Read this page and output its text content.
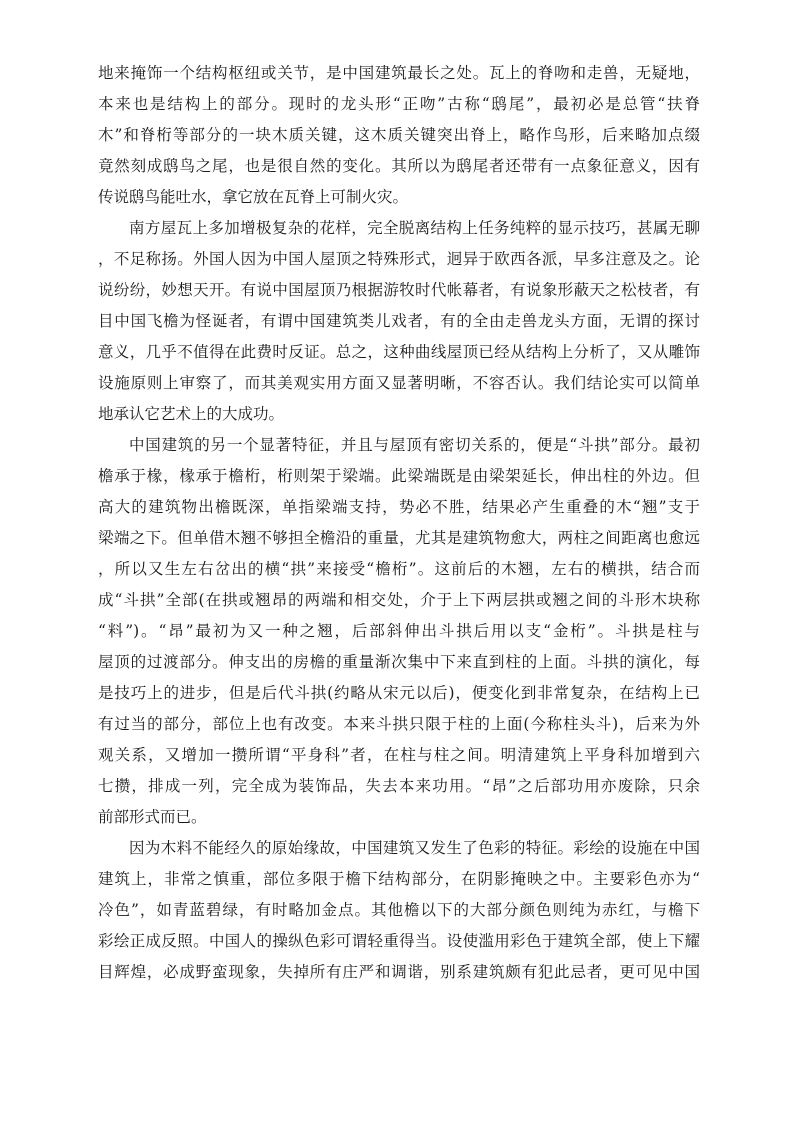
地来掩饰一个结构枢纽或关节，是中国建筑最长之处。瓦上的脊吻和走兽，无疑地，
本来也是结构上的部分。现时的龙头形“正吻”古称“鸱尾”，最初必是总管“扶脊
木”和脊桁等部分的一块木质关键，这木质关键突出脊上，略作鸟形，后来略加点缀
竟然刻成鸱鸟之尾，也是很自然的变化。其所以为鸱尾者还带有一点象征意义，因有
传说鸱鸟能吐水，拿它放在瓦脊上可制火灾。
南方屋瓦上多加增极复杂的花样，完全脱离结构上任务纯粹的显示技巧，甚属无聊
，不足称扬。外国人因为中国人屋顶之特殊形式，迥异于欧西各派，早多注意及之。论
说纷纷，妙想天开。有说中国屋顶乃根据游牧时代帐幕者，有说象形蔽天之松枝者，有
目中国飞檐为怪诞者，有谓中国建筑类儿戏者，有的全由走兽龙头方面，无谓的探讨
意义，几乎不值得在此费时反证。总之，这种曲线屋顶已经从结构上分析了，又从雕饰
设施原则上审察了，而其美观实用方面又显著明晰，不容否认。我们结论实可以简单
地承认它艺术上的大成功。
中国建筑的另一个显著特征，并且与屋顶有密切关系的，便是“斗拱”部分。最初
檐承于椽，椽承于檐桁，桁则架于梁端。此梁端既是由梁架延长，伸出柱的外边。但
高大的建筑物出檐既深，单指梁端支持，势必不胜，结果必产生重叠的木“翘”支于
梁端之下。但单借木翘不够担全檐沿的重量，尤其是建筑物愈大，两柱之间距离也愈远
，所以又生左右岔出的横“拱”来接受“檐桁”。这前后的木翘，左右的横拱，结合而
成“斗拱”全部(在拱或翘昂的两端和相交处，介于上下两层拱或翘之间的斗形木块称
“料”)。“昂”最初为又一种之翘，后部斜伸出斗拱后用以支“金桁”。斗拱是柱与
屋顶的过渡部分。伸支出的房檐的重量渐次集中下来直到柱的上面。斗拱的演化，每
是技巧上的进步，但是后代斗拱(约略从宋元以后)，便变化到非常复杂，在结构上已
有过当的部分，部位上也有改变。本来斗拱只限于柱的上面(今称柱头斗)，后来为外
观关系，又增加一攒所谓“平身科”者，在柱与柱之间。明清建筑上平身科加增到六
七攒，排成一列，完全成为装饰品，失去本来功用。“昂”之后部功用亦废除，只余
前部形式而已。
因为木料不能经久的原始缘故，中国建筑又发生了色彩的特征。彩绘的设施在中国
建筑上，非常之慎重，部位多限于檐下结构部分，在阴影掩映之中。主要彩色亦为“
冷色”，如青蓝碧绿，有时略加金点。其他檐以下的大部分颜色则纯为赤红，与檐下
彩绘正成反照。中国人的操纵色彩可谓轻重得当。设使滥用彩色于建筑全部，使上下耀
目辉煌，必成野蛮现象，失掉所有庄严和调谐，别系建筑颇有犯此忌者，更可见中国
